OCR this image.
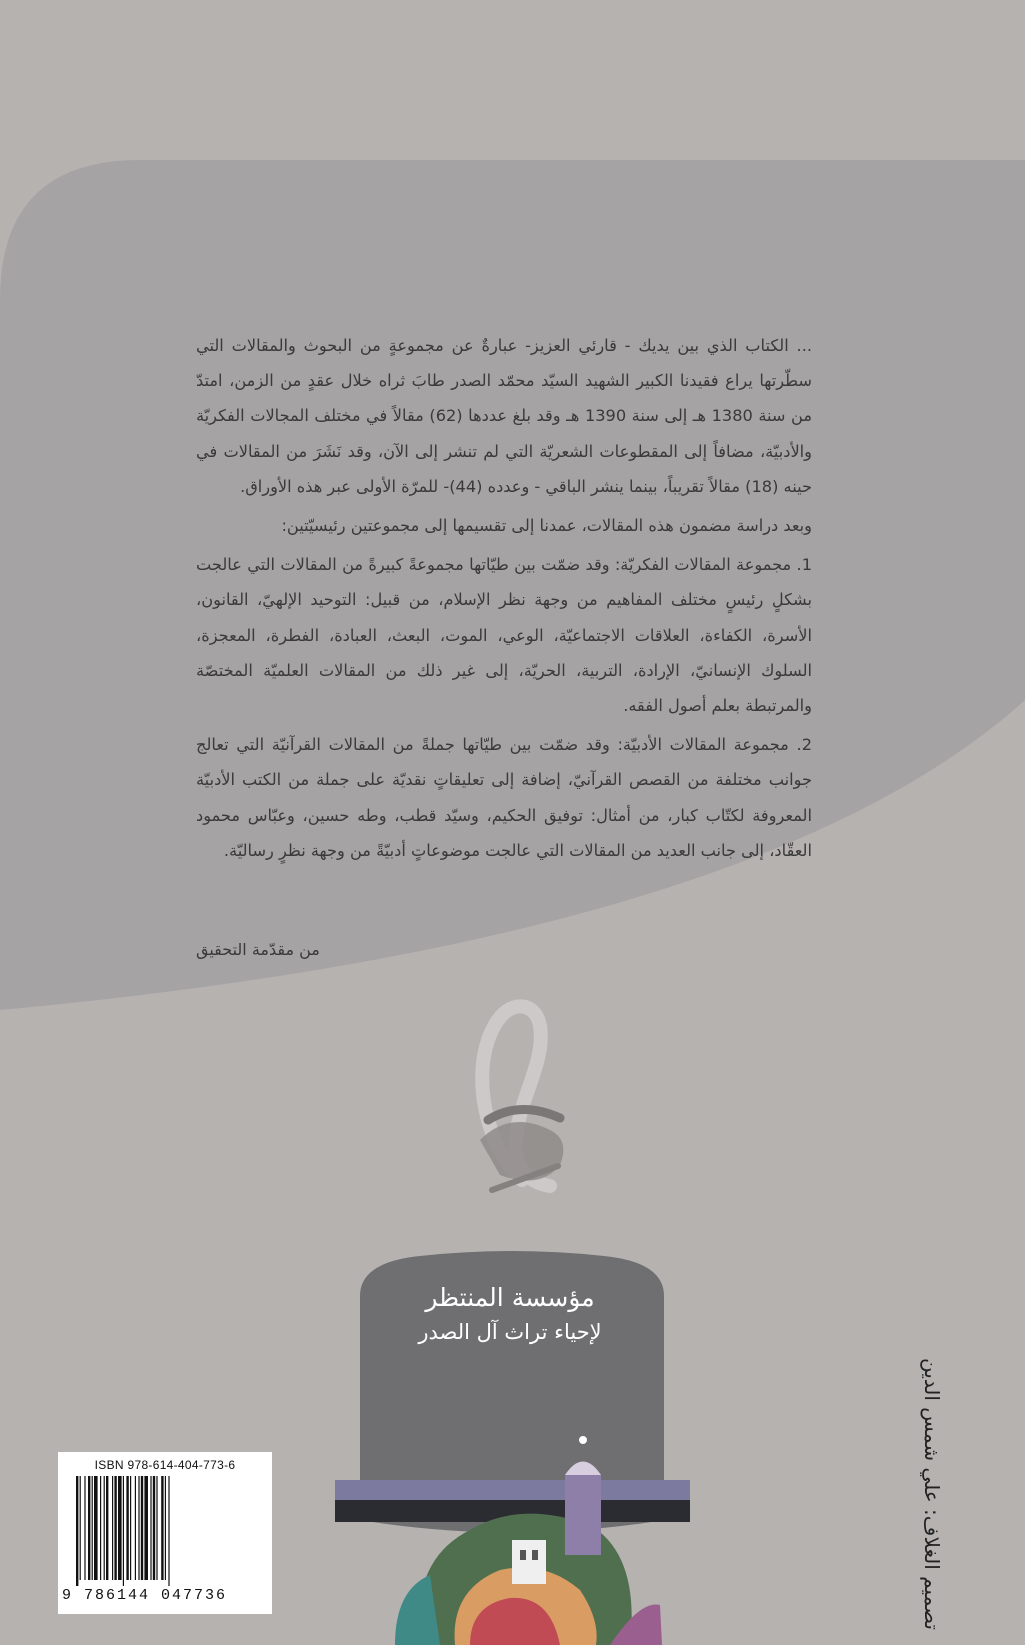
... الكتاب الذي بين يديك - قارئي العزيز- عبارةٌ عن مجموعةٍ من البحوث والمقالات التي سطّرتها يراع فقيدنا الكبير الشهيد السيّد محمّد الصدر طابَ ثراه خلال عقدٍ من الزمن، امتدّ من سنة 1380 هـ إلى سنة 1390 هـ وقد بلغ عددها (62) مقالاً في مختلف المجالات الفكريّة والأدبيّة، مضافاً إلى المقطوعات الشعريّة التي لم تنشر إلى الآن، وقد نَشَرَ من المقالات في حينه (18) مقالاً تقريباً، بينما ينشر الباقي - وعدده (44)- للمرّة الأولى عبر هذه الأوراق.

وبعد دراسة مضمون هذه المقالات، عمدنا إلى تقسيمها إلى مجموعتين رئيسيّتين:

1. مجموعة المقالات الفكريّة: وقد ضمّت بين طيّاتها مجموعةً كبيرةً من المقالات التي عالجت بشكلٍ رئيسٍ مختلف المفاهيم من وجهة نظر الإسلام، من قبيل: التوحيد الإلهيّ، القانون، الأسرة، الكفاءة، العلاقات الاجتماعيّة، الوعي، الموت، البعث، العبادة، الفطرة، المعجزة، السلوك الإنسانيّ، الإرادة، التربية، الحريّة، إلى غير ذلك من المقالات العلميّة المختصّة والمرتبطة بعلم أصول الفقه.

2. مجموعة المقالات الأدبيّة: وقد ضمّت بين طيّاتها جملةً من المقالات القرآنيّة التي تعالج جوانب مختلفة من القصص القرآنيّ، إضافة إلى تعليقاتٍ نقديّة على جملة من الكتب الأدبيّة المعروفة لكتّاب كبار، من أمثال: توفيق الحكيم، وسيّد قطب، وطه حسين، وعبّاس محمود العقّاد، إلى جانب العديد من المقالات التي عالجت موضوعاتٍ أدبيّةً من وجهة نظرٍ رساليّة.

من مقدّمة التحقيق
مؤسسة المنتظر
لإحياء تراث آل الصدر
تصميم الغلاف: علي شمس الدين
ISBN 978-614-404-773-6
9 786144 047736
